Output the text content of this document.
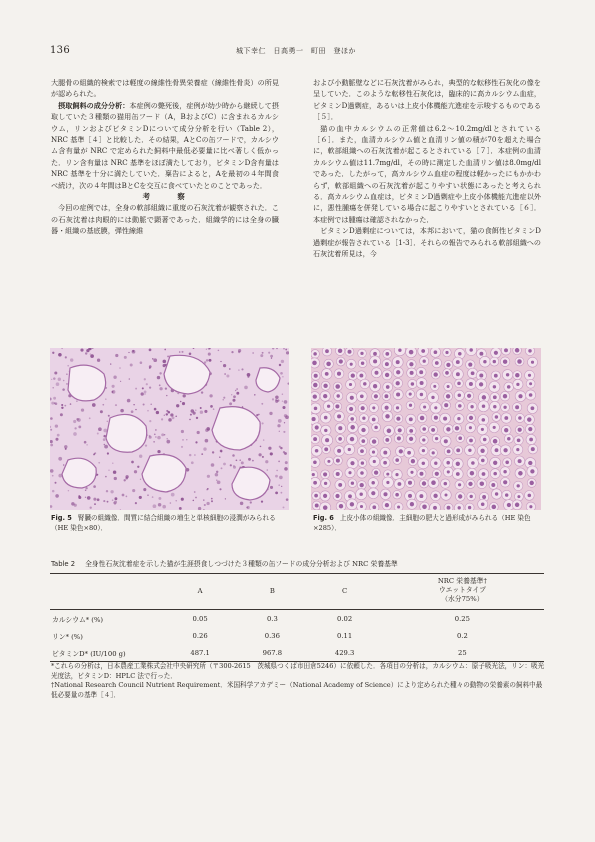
136	城下幸仁　日高勇一　町田　登ほか

大腿骨の組織的検索では軽度の線維性骨異栄養症（線維性骨炎）の所見が認められた。

摂取飼料の成分分析：本症例の斃死後，症例が幼少時から継続して摂取していた３種類の猫用缶フード（A，BおよびC）に含まれるカルシウム，リンおよびビタミンDについて成分分析を行い（Table 2），NRC 基準［４］と比較した．その結果，AとCの缶フードで，カルシウム含有量が NRC で定められた飼料中最低必要量に比べ著しく低かった．リン含有量は NRC 基準をほぼ満たしており，ビタミンD含有量は NRC 基準を十分に満たしていた．稟告によると，Aを最初の４年間食べ続け，次の４年間はBとCを交互に食べていたとのことであった．

考　察

今回の症例では，全身の軟部組織に重度の石灰沈着が観察された．この石灰沈着は肉眼的には動脈で顕著であった．組織学的には全身の臓器・組織の基底膜，弾性線維

および小動脈壁などに石灰沈着がみられ，典型的な転移性石灰化の像を呈していた．このような転移性石灰化は，臨床的に高カルシウム血症，ビタミンD過剰症，あるいは上皮小体機能亢進症を示唆するものである［５］．

猫の血中カルシウムの正常値は6.2～10.2mg/dlとされている［６］．また，血清カルシウム値と血清リン値の積が70を超えた場合に，軟部組織への石灰沈着が起こるとされている［７］．本症例の血清カルシウム値は11.7mg/dl，その時に測定した血清リン値は8.0mg/dlであった．したがって，高カルシウム血症の程度は軽かったにもかかわらず，軟部組織への石灰沈着が起こりやすい状態にあったと考えられる．高カルシウム血症は，ビタミンD過剰症や上皮小体機能亢進症以外に，悪性腫瘍を併発している場合に起こりやすいとされている［６］．本症例では腫瘍は確認されなかった．

ビタミンD過剰症については，本邦において，猫の食餌性ビタミンD過剰症が報告されている［1-3］．それらの報告でみられる軟部組織への石灰沈着所見は，今

Fig. 5 腎臓の組織像．間質に結合組織の増生と単核細胞の浸潤がみられる（HE 染色×80）．
Fig. 6 上皮小体の組織像．主細胞の肥大と過形成がみられる（HE 染色×285）．
Table 2 全身性石灰沈着症を示した猫が生涯摂食しつづけた３種類の缶フードの成分分析および NRC 栄養基準
	A	B	C	NRC 栄養基準†
ウエットタイプ
（水分75%）

カルシウム* (%)	0.05	0.3	0.02	0.25
リン* (%)	0.26	0.36	0.11	0.2
ビタミンD* (IU/100 g)	487.1	967.8	429.3	25

*これらの分析は，日本農産工業株式会社中央研究所（〒300-2615　茨城県つくば市田倉5246）に依頼した．各項目の分析は，カルシウム：原子吸光法，リン：吸光光度法，ビタミンD：HPLC 法で行った．

†National Research Council Nutrient Requirement．米国科学アカデミー（National Academy of Science）により定められた種々の動物の栄養素の飼料中最低必要量の基準［４］．
